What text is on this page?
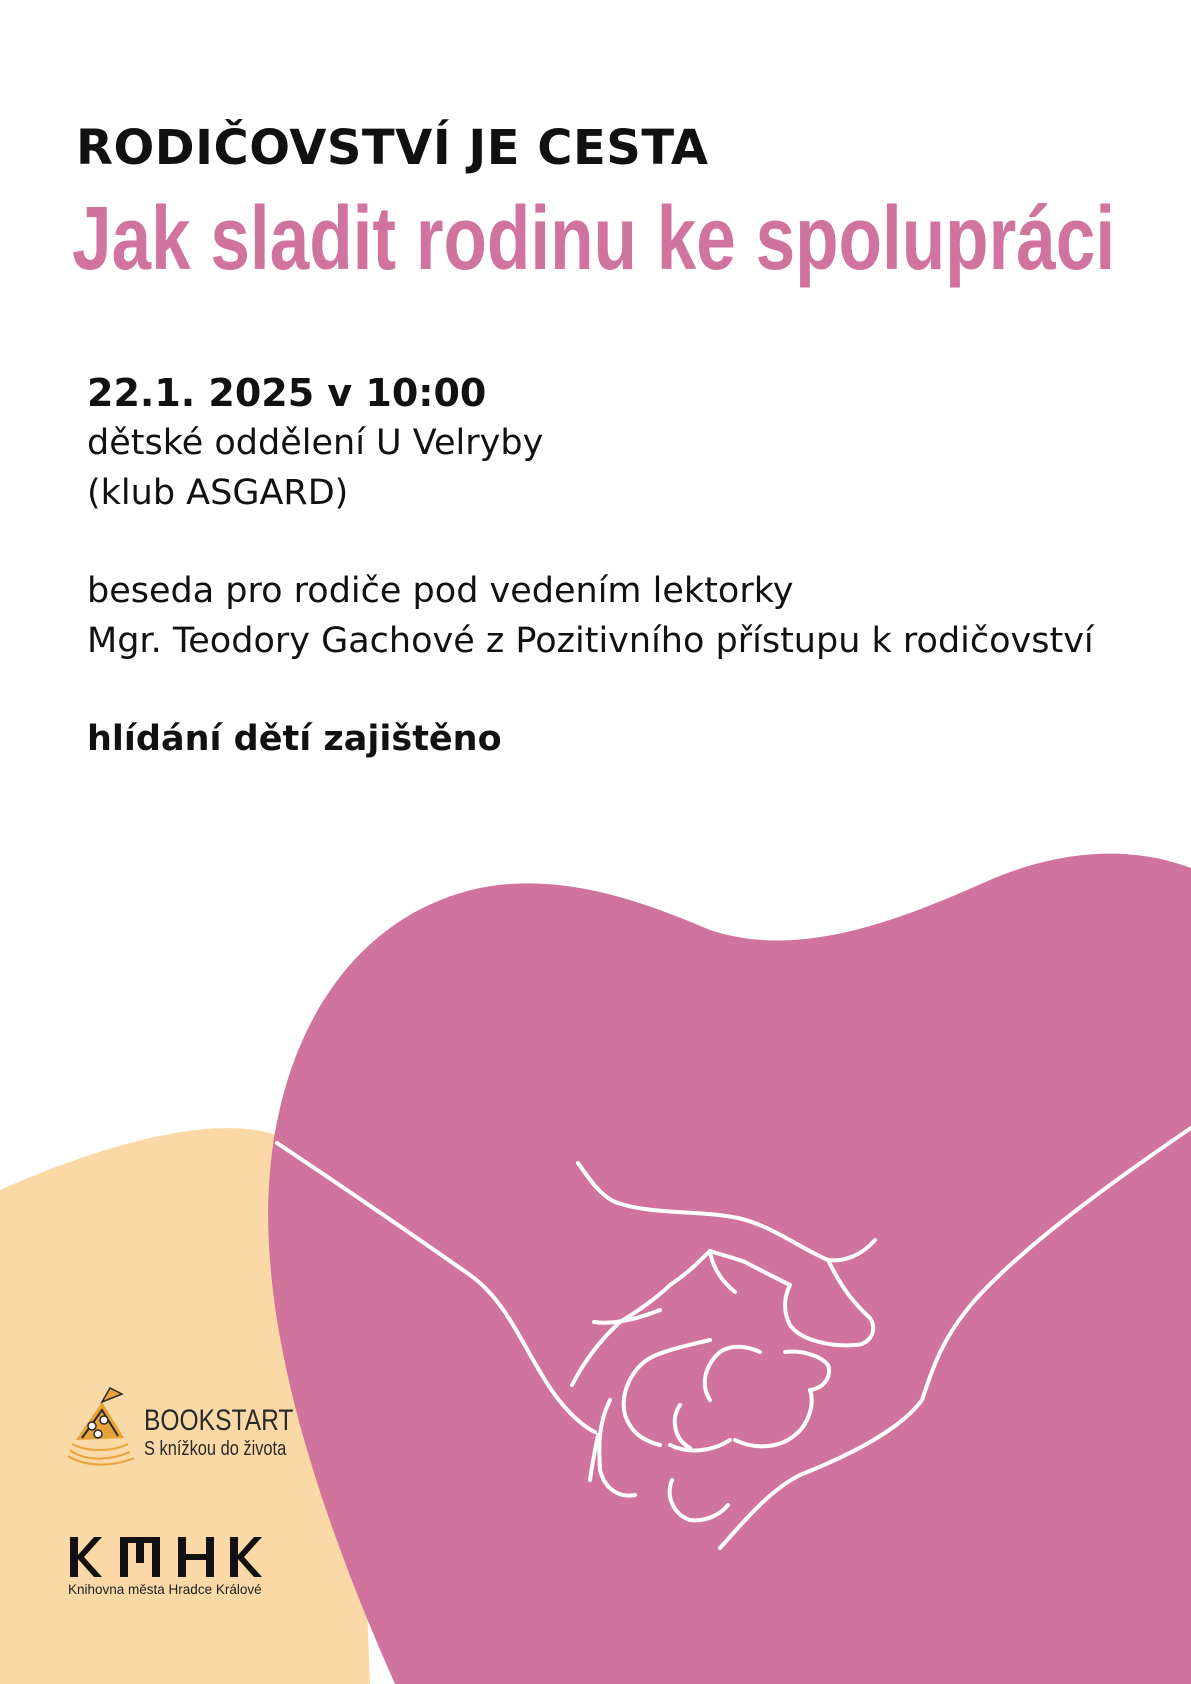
RODIČOVSTVÍ JE CESTA
Jak sladit rodinu ke spolupráci

22.1. 2025 v 10:00

dětské oddělení U Velryby

(klub ASGARD)

beseda pro rodiče pod vedením lektorky

Mgr. Teodory Gachové z Pozitivního přístupu k rodičovství

hlídání dětí zajištěno

BOOKSTART
S knížkou do života
Knihovna města Hradce Králové
